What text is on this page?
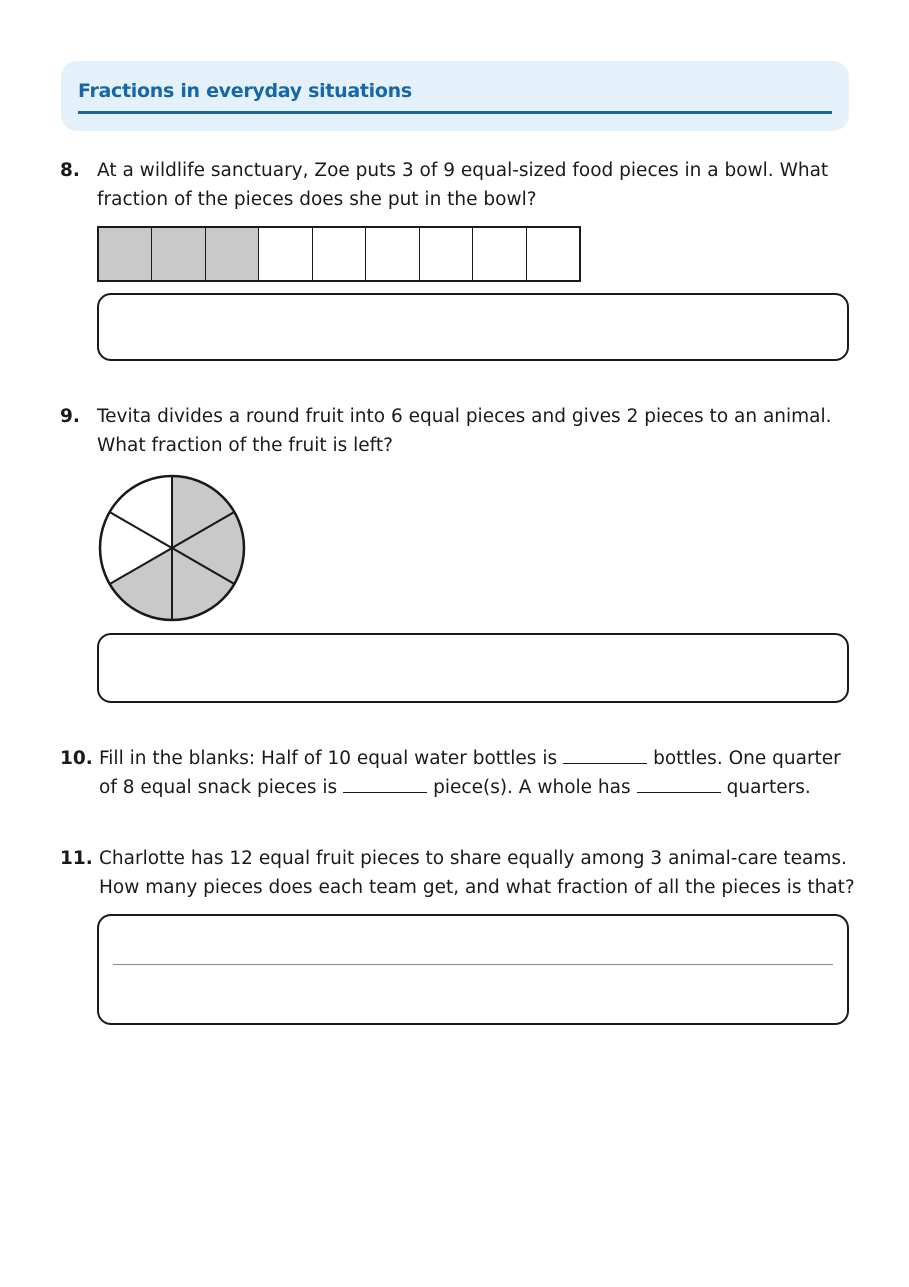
Fractions in everyday situations
8. At a wildlife sanctuary, Zoe puts 3 of 9 equal-sized food pieces in a bowl. What
fraction of the pieces does she put in the bowl?
9. Tevita divides a round fruit into 6 equal pieces and gives 2 pieces to an animal.
What fraction of the fruit is left?
10. Fill in the blanks: Half of 10 equal water bottles is	bottles. One quarter
of 8 equal snack pieces is	piece(s). A whole has	quarters.
11. Charlotte has 12 equal fruit pieces to share equally among 3 animal-care teams.
How many pieces does each team get, and what fraction of all the pieces is that?
